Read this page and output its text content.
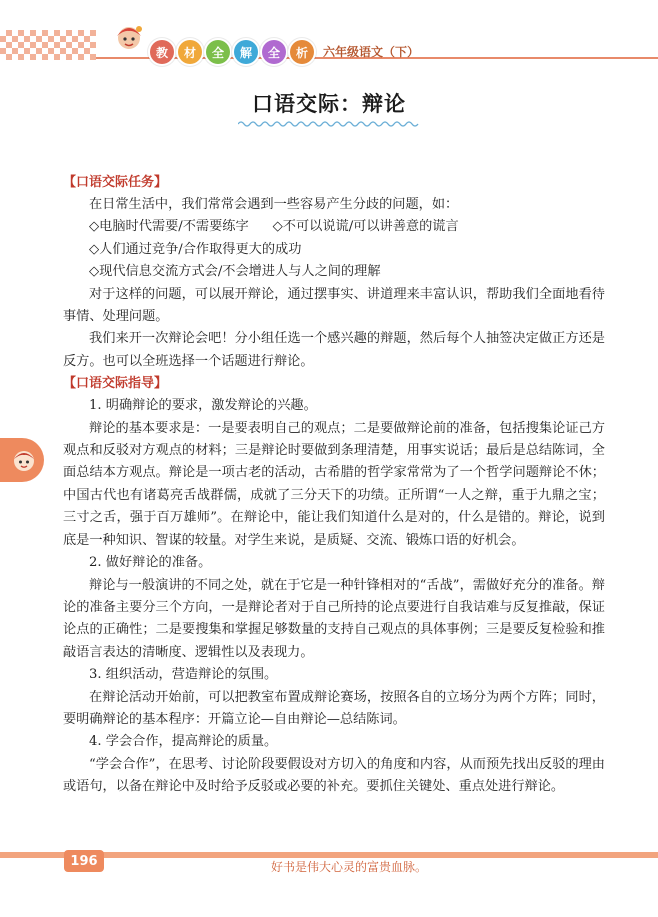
教	材	全	解	全	析	六年级语文（下）
口语交际：辩论
【口语交际任务】

在日常生活中，我们常常会遇到一些容易产生分歧的问题，如：

◇电脑时代需要/不需要练字 ◇不可以说谎/可以讲善意的谎言

◇人们通过竞争/合作取得更大的成功

◇现代信息交流方式会/不会增进人与人之间的理解

对于这样的问题，可以展开辩论，通过摆事实、讲道理来丰富认识，帮助我们全面地看待事情、处理问题。

我们来开一次辩论会吧！分小组任选一个感兴趣的辩题，然后每个人抽签决定做正方还是反方。也可以全班选择一个话题进行辩论。

【口语交际指导】

1. 明确辩论的要求，激发辩论的兴趣。

辩论的基本要求是：一是要表明自己的观点；二是要做辩论前的准备，包括搜集论证己方观点和反驳对方观点的材料；三是辩论时要做到条理清楚，用事实说话；最后是总结陈词，全面总结本方观点。辩论是一项古老的活动，古希腊的哲学家常常为了一个哲学问题辩论不休；中国古代也有诸葛亮舌战群儒，成就了三分天下的功绩。正所谓“一人之辩，重于九鼎之宝；三寸之舌，强于百万雄师”。在辩论中，能让我们知道什么是对的，什么是错的。辩论，说到底是一种知识、智谋的较量。对学生来说，是质疑、交流、锻炼口语的好机会。

2. 做好辩论的准备。

辩论与一般演讲的不同之处，就在于它是一种针锋相对的“舌战”，需做好充分的准备。辩论的准备主要分三个方向，一是辩论者对于自己所持的论点要进行自我诘难与反复推敲，保证论点的正确性；二是要搜集和掌握足够数量的支持自己观点的具体事例；三是要反复检验和推敲语言表达的清晰度、逻辑性以及表现力。

3. 组织活动，营造辩论的氛围。

在辩论活动开始前，可以把教室布置成辩论赛场，按照各自的立场分为两个方阵；同时，要明确辩论的基本程序：开篇立论—自由辩论—总结陈词。

4. 学会合作，提高辩论的质量。

“学会合作”，在思考、讨论阶段要假设对方切入的角度和内容，从而预先找出反驳的理由或语句，以备在辩论中及时给予反驳或必要的补充。要抓住关键处、重点处进行辩论。

196	好书是伟大心灵的富贵血脉。
